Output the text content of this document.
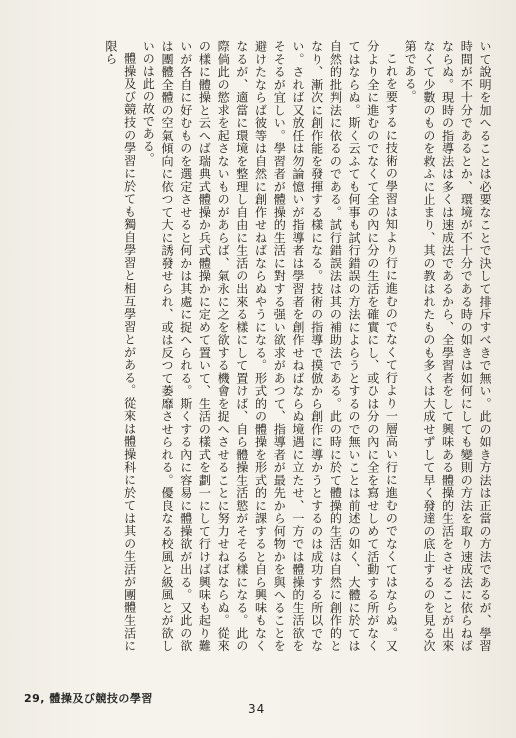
いて說明を加へることは必要なことで決して排斥すべきで無い。此の如き方法は正當の方法であるが、學習時間が不十分であるとか、環境が不十分である時の如きは如何にしても變則の方法を取り速成法に依らねばならぬ。現時の指導法は多くは速成法であるから、全學習者をして興味ある體操的生活をさせることが出來なくて少數のものを救ふに止まり、其の教はれたものも多くは大成せずして早く發達の底止するのを見る次第である。

これを要するに技術の學習は知より行に進むのでなくて行より一層高い行に進むのでなくてはならぬ。又分より全に進むのでなくて全の內に分の生活を確實にし、或ひは分の內に全を寫せしめて活動する所がなくてはならぬ。斯く云ふても何事も試行錯誤の方法によらうとするので無いことは前述の如く、大體に於ては自然的批判法に依るのである。試行錯誤法は其の補助法である。此の時に於て體操的生活は自然に創作的となり、漸次に創作能を發揮する樣になる。技術の指導で摸倣から創作に導かうとするのは成功する所以でない。されば又放任は勿論憶いが指導者は學習者を創作せねばならぬ境遇に立たせ、一方では體操的生活欲をそそるが宜しい。學習者が體操的生活に對する强い欲求があつて、指導者が最先から何物かを與へることを避けたならば彼等は自然に創作せねばならぬやうになる。形式的の體操を形式的に課すると自ら興味もなくなるが、適當に環境を整理し自由に生活の出來る樣にして置けば、自ら體操生活慾がそそる樣になる。此の際倘此の慾求を起さないものがあらば、氣永に之を欲する機會を捉へさせることに努力せねばならぬ。從來の樣に體操と云へば瑞典式體操か兵式體操かに定めて置いて、生活の樣式を劃一にして行けば興味も起り難いが各自に好むものを選定させると何かは其處に捉へられる。斯くする內に容易に體操欲が出る。又此の欲は團體全體の空氣傾向に依つて大に誘發せられ、或は反つて萎靡させられる。優良なる校風と級風とが欲しいのは此の故である。

體操及び競技の學習に於ても獨自學習と相互學習とがある。從來は體操科に於ては其の生活が團體生活に限ら

29, 體操及び競技の學習
34
